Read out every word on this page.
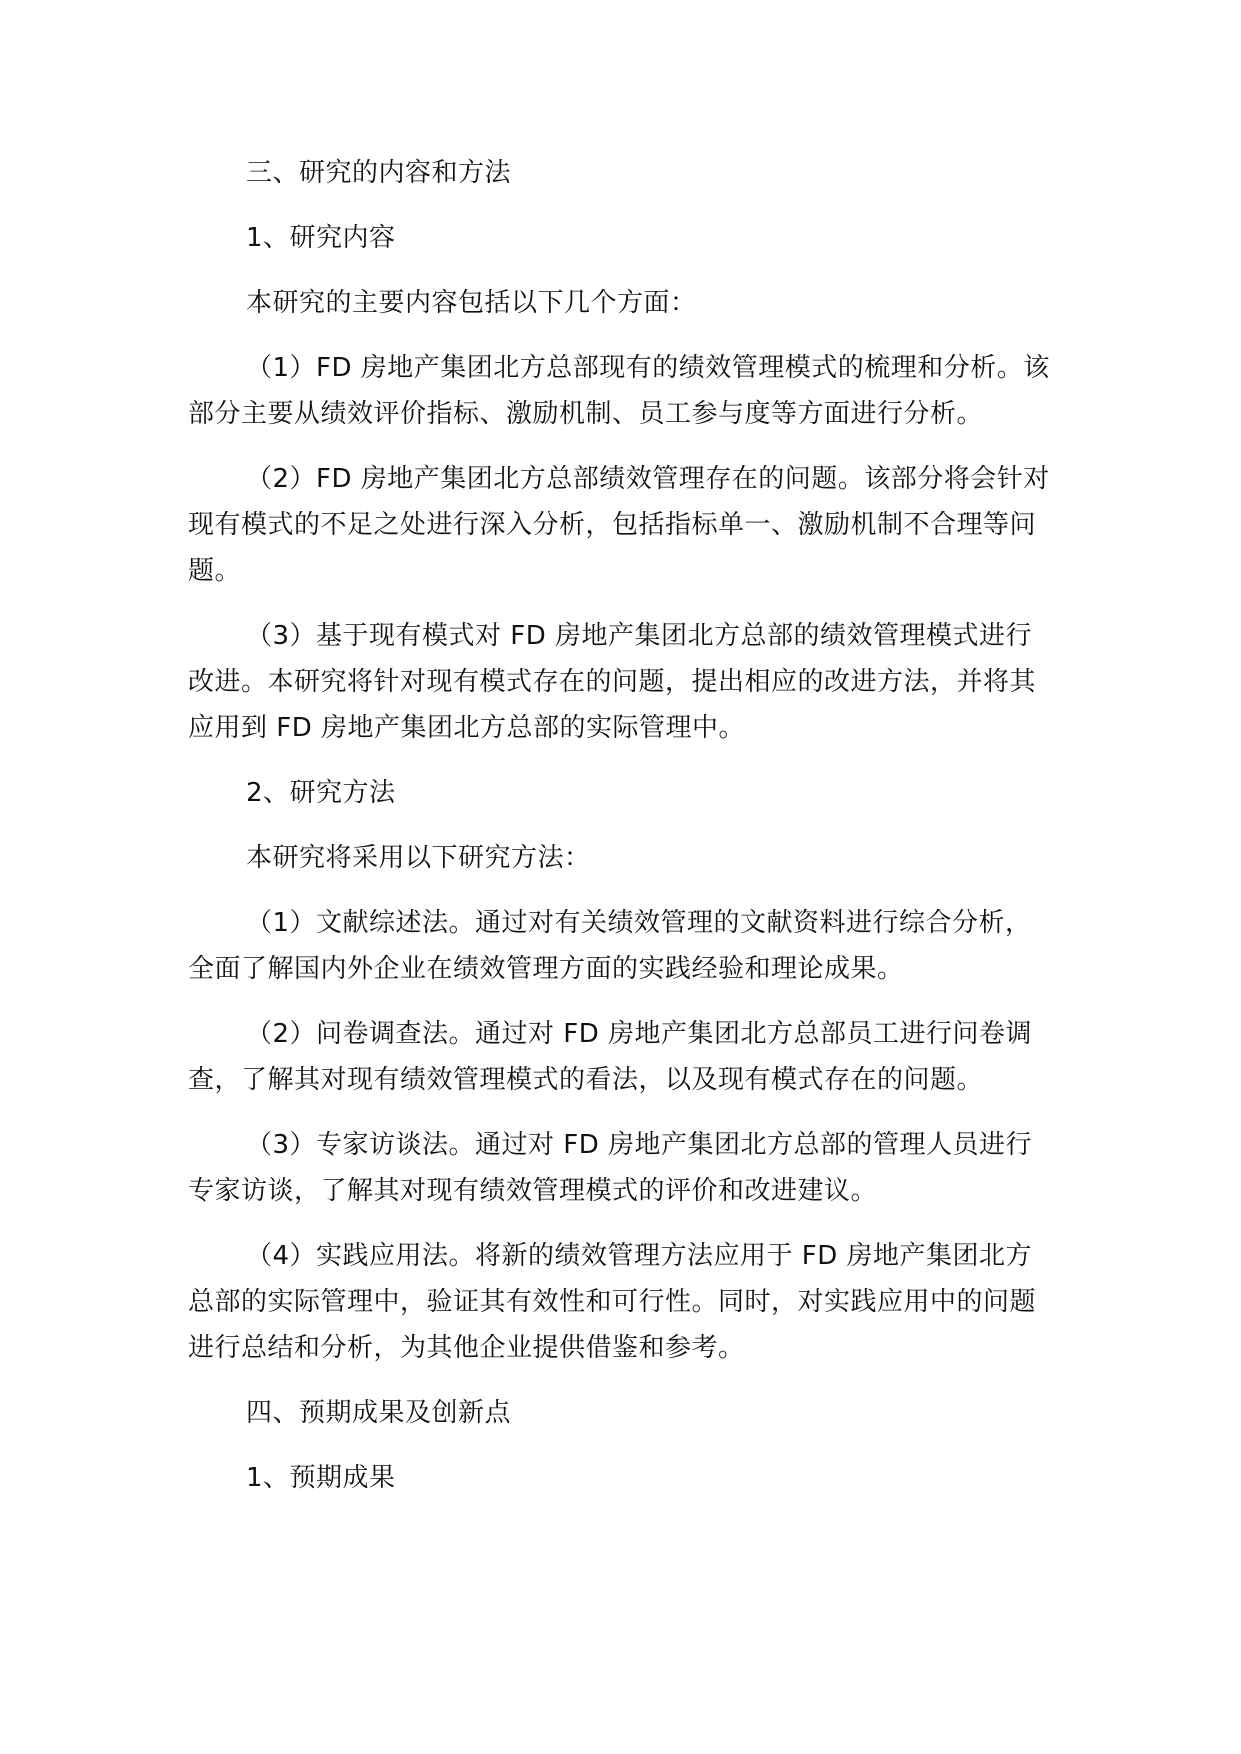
三、研究的内容和方法

1、研究内容

本研究的主要内容包括以下几个方面：

（1）FD 房地产集团北方总部现有的绩效管理模式的梳理和分析。该部分主要从绩效评价指标、激励机制、员工参与度等方面进行分析。

（2）FD 房地产集团北方总部绩效管理存在的问题。该部分将会针对现有模式的不足之处进行深入分析，包括指标单一、激励机制不合理等问题。

（3）基于现有模式对 FD 房地产集团北方总部的绩效管理模式进行改进。本研究将针对现有模式存在的问题，提出相应的改进方法，并将其应用到 FD 房地产集团北方总部的实际管理中。

2、研究方法

本研究将采用以下研究方法：

（1）文献综述法。通过对有关绩效管理的文献资料进行综合分析，全面了解国内外企业在绩效管理方面的实践经验和理论成果。

（2）问卷调查法。通过对 FD 房地产集团北方总部员工进行问卷调查，了解其对现有绩效管理模式的看法，以及现有模式存在的问题。

（3）专家访谈法。通过对 FD 房地产集团北方总部的管理人员进行专家访谈，了解其对现有绩效管理模式的评价和改进建议。

（4）实践应用法。将新的绩效管理方法应用于 FD 房地产集团北方总部的实际管理中，验证其有效性和可行性。同时，对实践应用中的问题进行总结和分析，为其他企业提供借鉴和参考。

四、预期成果及创新点

1、预期成果
